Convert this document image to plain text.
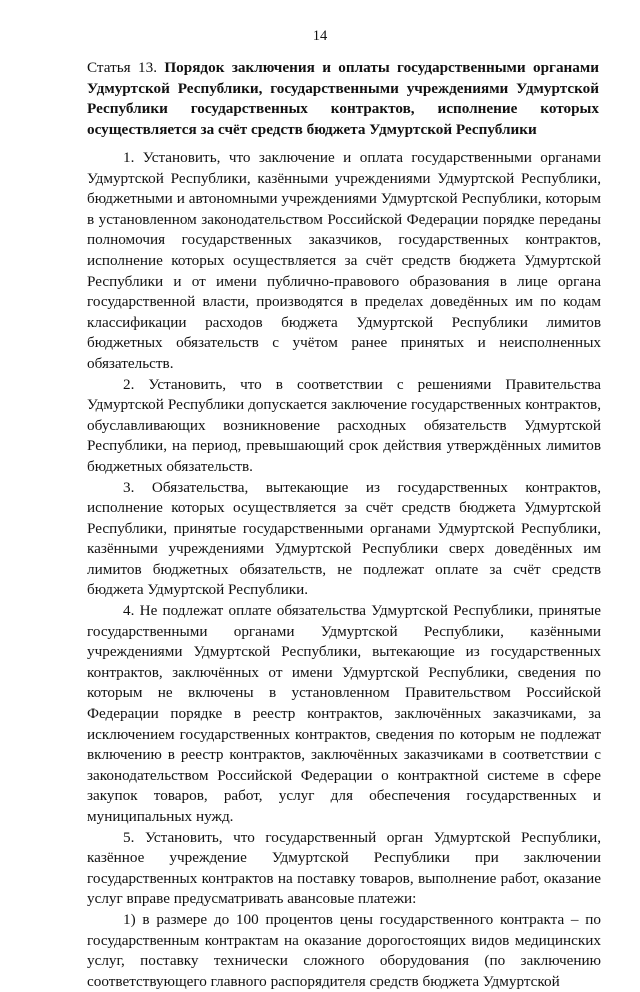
14
Статья 13. Порядок заключения и оплаты государственными органами Удмуртской Республики, государственными учреждениями Удмуртской Республики государственных контрактов, исполнение которых осуществляется за счёт средств бюджета Удмуртской Республики

1. Установить, что заключение и оплата государственными органами Удмуртской Республики, казёнными учреждениями Удмуртской Республики, бюджетными и автономными учреждениями Удмуртской Республики, которым в установленном законодательством Российской Федерации порядке переданы полномочия государственных заказчиков, государственных контрактов, исполнение которых осуществляется за счёт средств бюджета Удмуртской Республики и от имени публично-правового образования в лице органа государственной власти, производятся в пределах доведённых им по кодам классификации расходов бюджета Удмуртской Республики лимитов бюджетных обязательств с учётом ранее принятых и неисполненных обязательств.

2. Установить, что в соответствии с решениями Правительства Удмуртской Республики допускается заключение государственных контрактов, обуславливающих возникновение расходных обязательств Удмуртской Республики, на период, превышающий срок действия утверждённых лимитов бюджетных обязательств.

3. Обязательства, вытекающие из государственных контрактов, исполнение которых осуществляется за счёт средств бюджета Удмуртской Республики, принятые государственными органами Удмуртской Республики, казёнными учреждениями Удмуртской Республики сверх доведённых им лимитов бюджетных обязательств, не подлежат оплате за счёт средств бюджета Удмуртской Республики.

4. Не подлежат оплате обязательства Удмуртской Республики, принятые государственными органами Удмуртской Республики, казёнными учреждениями Удмуртской Республики, вытекающие из государственных контрактов, заключённых от имени Удмуртской Республики, сведения по которым не включены в установленном Правительством Российской Федерации порядке в реестр контрактов, заключённых заказчиками, за исключением государственных контрактов, сведения по которым не подлежат включению в реестр контрактов, заключённых заказчиками в соответствии с законодательством Российской Федерации о контрактной системе в сфере закупок товаров, работ, услуг для обеспечения государственных и муниципальных нужд.

5. Установить, что государственный орган Удмуртской Республики, казённое учреждение Удмуртской Республики при заключении государственных контрактов на поставку товаров, выполнение работ, оказание услуг вправе предусматривать авансовые платежи:

1) в размере до 100 процентов цены государственного контракта – по государственным контрактам на оказание дорогостоящих видов медицинских услуг, поставку технически сложного оборудования (по заключению соответствующего главного распорядителя средств бюджета Удмуртской
